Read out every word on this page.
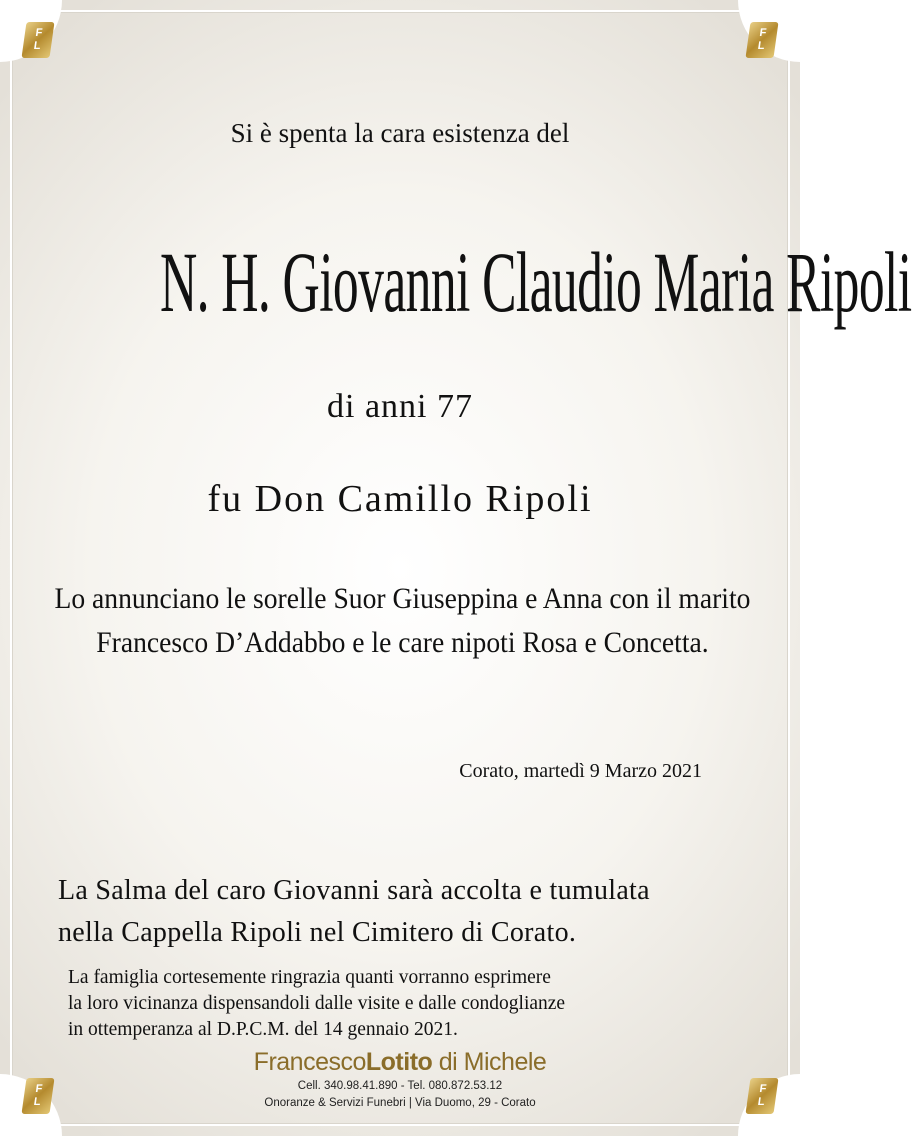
F
L
F
L
F
L
F
L
Si è spenta la cara esistenza del
N. H. Giovanni Claudio Maria Ripoli
di anni 77
fu Don Camillo Ripoli
Lo annunciano le sorelle Suor Giuseppina e Anna con il marito
Francesco D’Addabbo e le care nipoti Rosa e Concetta.
Corato, martedì 9 Marzo 2021
La Salma del caro Giovanni sarà accolta e tumulata
nella Cappella Ripoli nel Cimitero di Corato.
La famiglia cortesemente ringrazia quanti vorranno esprimere
la loro vicinanza dispensandoli dalle visite e dalle condoglianze
in ottemperanza al D.P.C.M. del 14 gennaio 2021.
FrancescoLotito di Michele
Cell. 340.98.41.890 - Tel. 080.872.53.12
Onoranze & Servizi Funebri | Via Duomo, 29 - Corato
